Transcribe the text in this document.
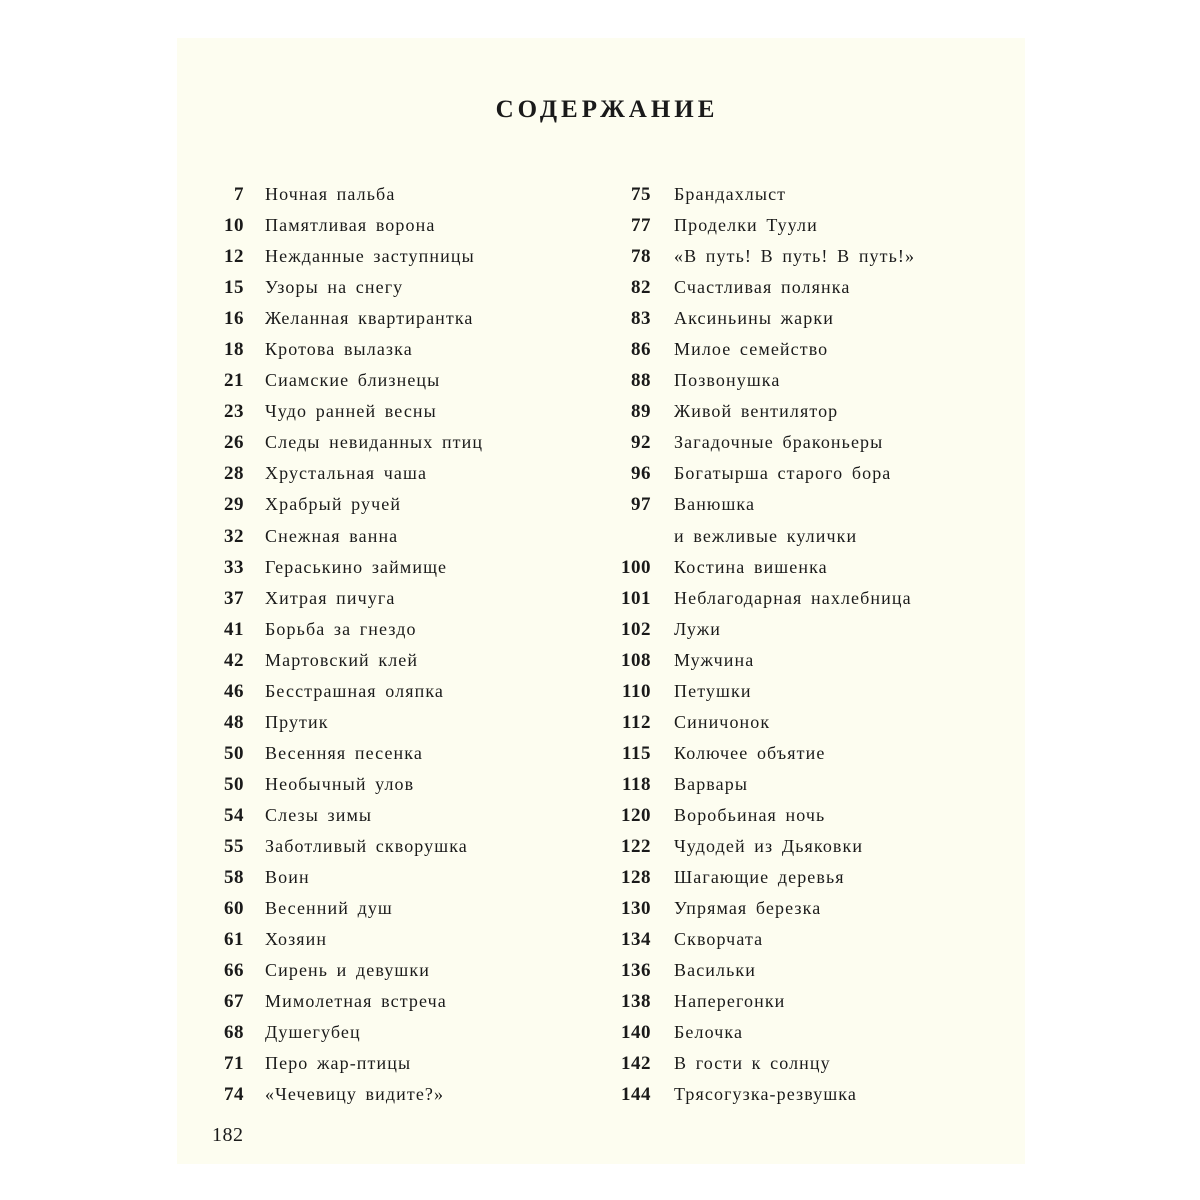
СОДЕРЖАНИЕ
7 Ночная пальба
10 Памятливая ворона
12 Нежданные заступницы
15 Узоры на снегу
16 Желанная квартирантка
18 Кротова вылазка
21 Сиамские близнецы
23 Чудо ранней весны
26 Следы невиданных птиц
28 Хрустальная чаша
29 Храбрый ручей
32 Снежная ванна
33 Гераськино займище
37 Хитрая пичуга
41 Борьба за гнездо
42 Мартовский клей
46 Бесстрашная оляпка
48 Прутик
50 Весенняя песенка
50 Необычный улов
54 Слезы зимы
55 Заботливый скворушка
58 Воин
60 Весенний душ
61 Хозяин
66 Сирень и девушки
67 Мимолетная встреча
68 Душегубец
71 Перо жар-птицы
74 «Чечевицу видите?»
75 Брандахлыст
77 Проделки Туули
78 «В путь! В путь! В путь!»
82 Счастливая полянка
83 Аксиньины жарки
86 Милое семейство
88 Позвонушка
89 Живой вентилятор
92 Загадочные браконьеры
96 Богатырша старого бора
97 Ванюшка
и вежливые кулички
100 Костина вишенка
101 Неблагодарная нахлебница
102 Лужи
108 Мужчина
110 Петушки
112 Синичонок
115 Колючее объятие
118 Варвары
120 Воробьиная ночь
122 Чудодей из Дьяковки
128 Шагающие деревья
130 Упрямая березка
134 Скворчата
136 Васильки
138 Наперегонки
140 Белочка
142 В гости к солнцу
144 Трясогузка-резвушка
182
